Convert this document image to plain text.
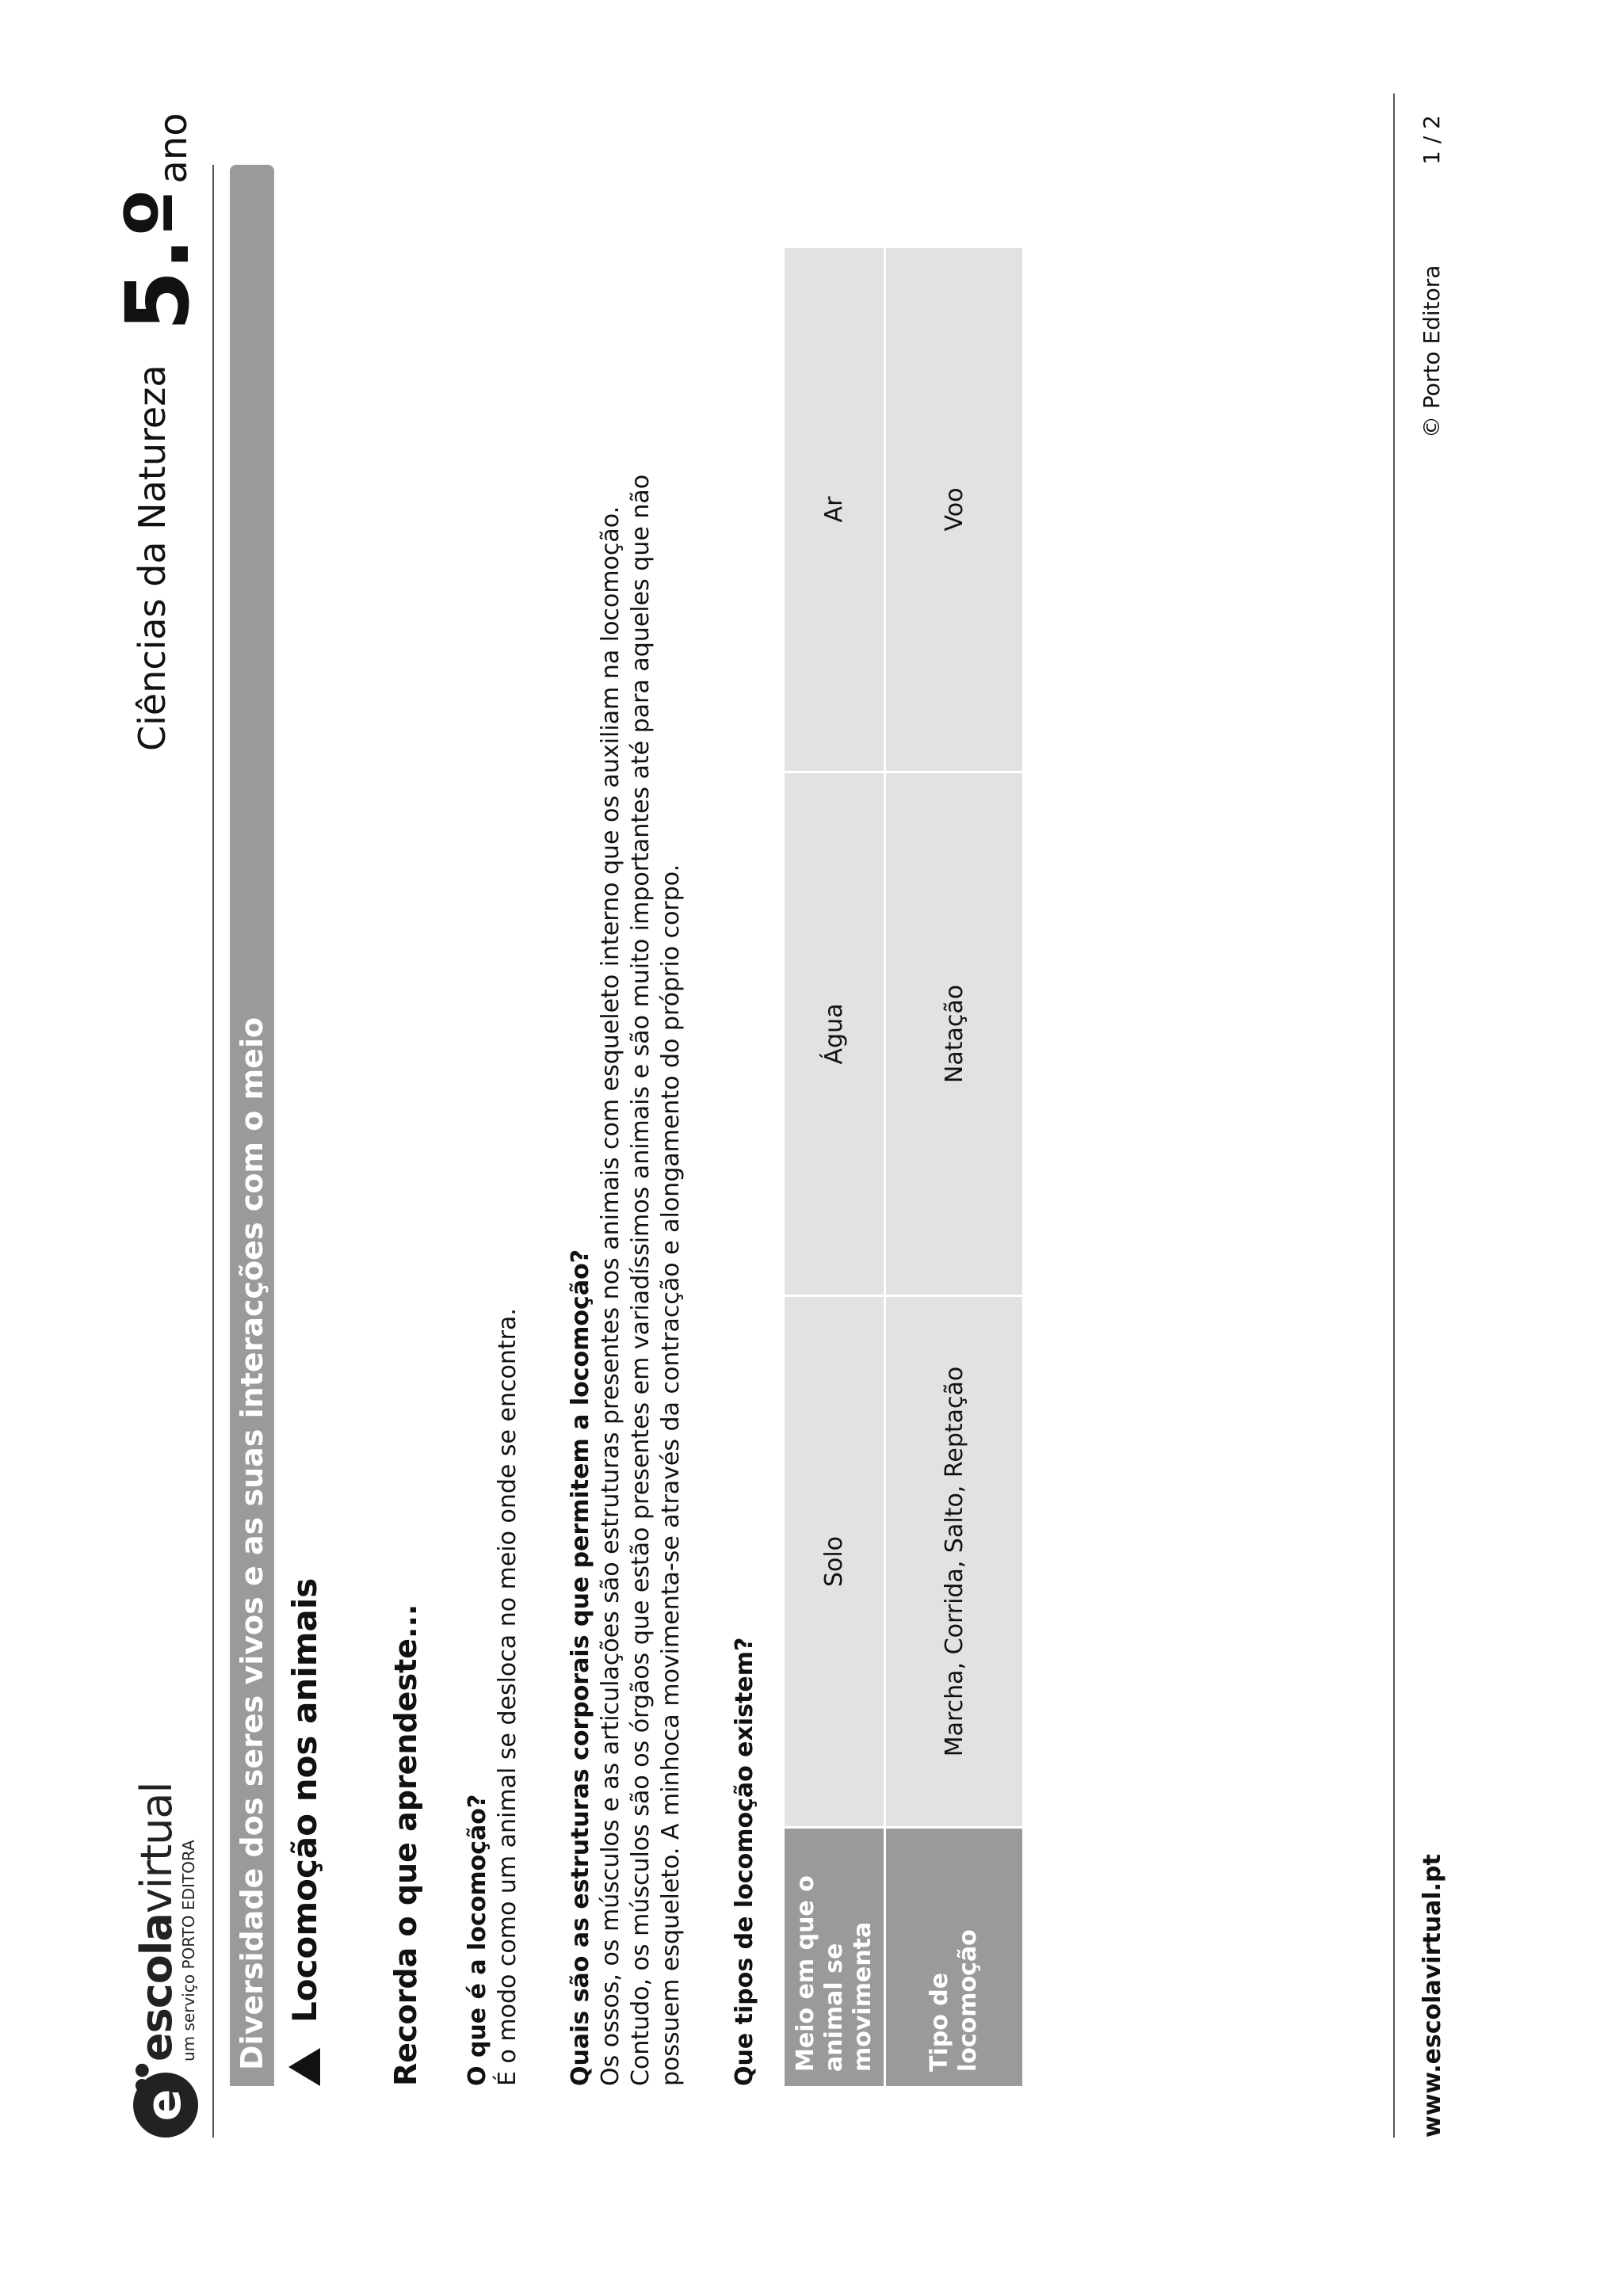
e
●●
escolavirtual
um serviço PORTO EDITORA
Ciências da Natureza
5.ºano
Diversidade dos seres vivos e as suas interacções com o meio Locomoção nos animais Recorda o que aprendeste... O que é a locomoção? É o modo como um animal se desloca no meio onde se encontra. Quais são as estruturas corporais que permitem a locomoção? Os ossos, os músculos e as articulações são estruturas presentes nos animais com esqueleto interno que os auxiliam na locomoção. Contudo, os músculos são os órgãos que estão presentes em variadíssimos animais e são muito importantes até para aqueles que não possuem esqueleto. A minhoca movimenta-se através da contracção e alongamento do próprio corpo. Que tipos de locomoção existem? Meio em que o animal se movimenta	Tipo de locomoção
Solo
Água
Ar
Marcha, Corrida, Salto, Reptação
Natação
Voo
www.escolavirtual.pt
© Porto Editora
1 / 2
